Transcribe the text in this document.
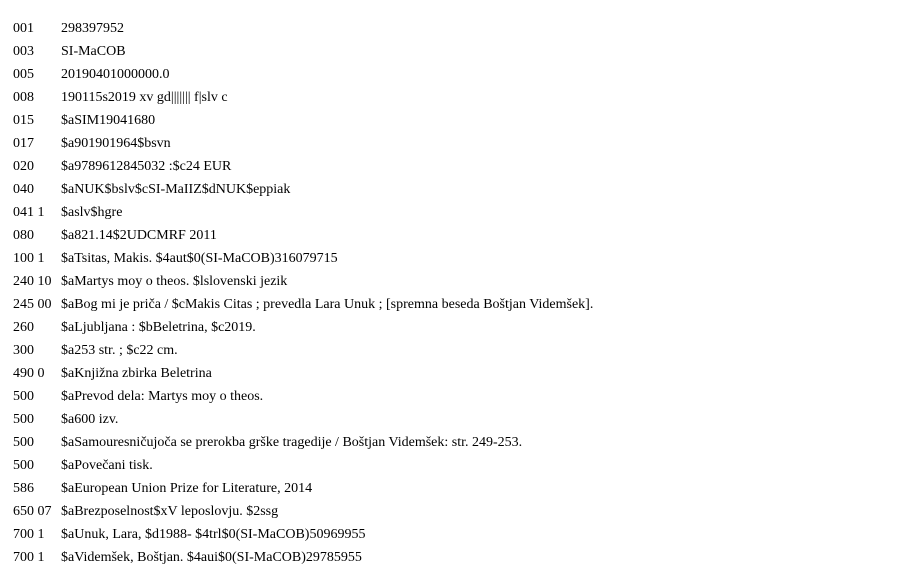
001	298397952
003	SI-MaCOB
005	20190401000000.0
008	190115s2019 xv gd||||||| f|slv c
015	$aSIM19041680
017	$a901901964$bsvn
020	$a9789612845032 :$c24 EUR
040	$aNUK$bslv$cSI-MaIIZ$dNUK$eppiak
041 1	$aslv$hgre
080	$a821.14$2UDCMRF 2011
100 1	$aTsitas, Makis. $4aut$0(SI-MaCOB)316079715
240 10 $aMartys moy o theos. $lslovenski jezik
245 00 $aBog mi je priča / $cMakis Citas ; prevedla Lara Unuk ; [spremna beseda Boštjan Videmšek].
260	$aLjubljana : $bBeletrina, $c2019.
300	$a253 str. ; $c22 cm.
490 0	$aKnjižna zbirka Beletrina
500	$aPrevod dela: Martys moy o theos.
500	$a600 izv.
500	$aSamouresničujoča se prerokba grške tragedije / Boštjan Videmšek: str. 249-253.
500	$aPovečani tisk.
586	$aEuropean Union Prize for Literature, 2014
650 07 $aBrezposelnost$xV leposlovju. $2ssg
700 1	$aUnuk, Lara, $d1988- $4trl$0(SI-MaCOB)50969955
700 1	$aVidemšek, Boštjan. $4aui$0(SI-MaCOB)29785955
